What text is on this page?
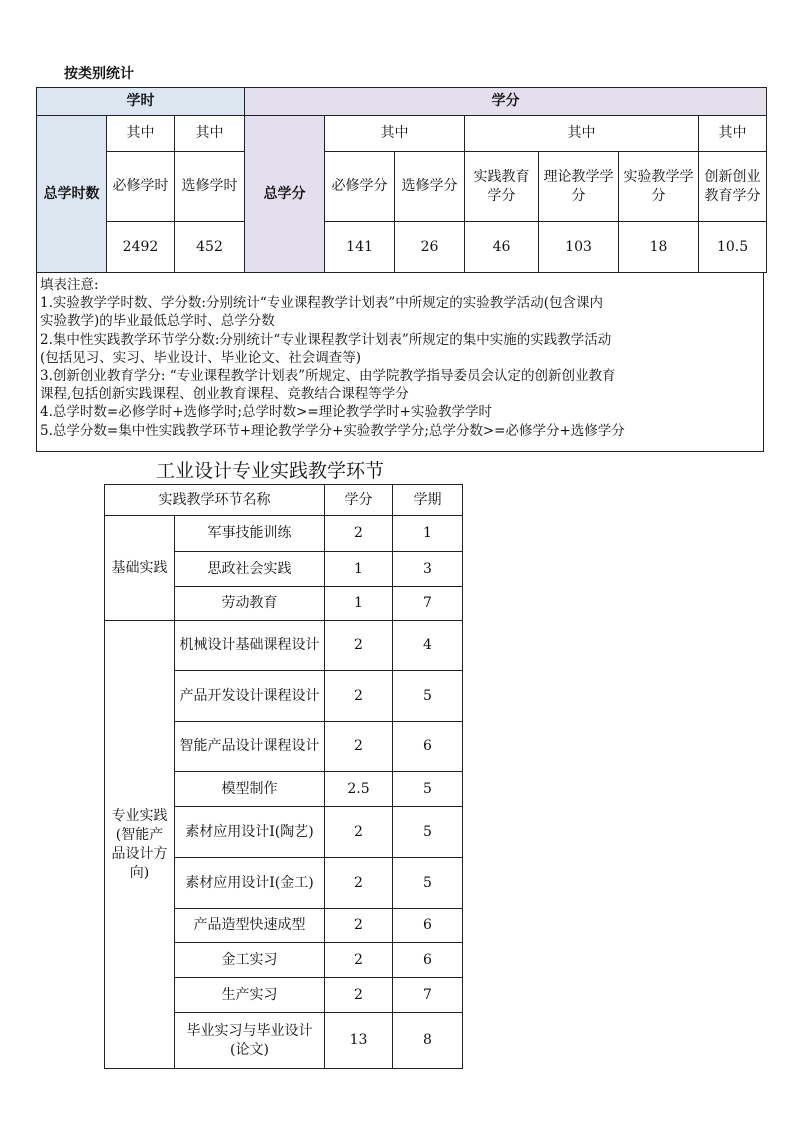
按类别统计
学时			学分						
总学时数	其中	其中	总学分	其中		其中			其中
	必修学时	选修学时		必修学分	选修学分	实践教育学分	理论教学学分	实验教学学分	创新创业教育学分
	2492	452		141	26	46	103	18	10.5
填表注意:
1.实验教学学时数、学分数:分别统计“专业课程教学计划表”中所规定的实验教学活动(包含课内
实验教学)的毕业最低总学时、总学分数
2.集中性实践教学环节学分数:分别统计“专业课程教学计划表”所规定的集中实施的实践教学活动
(包括见习、实习、毕业设计、毕业论文、社会调查等)
3.创新创业教育学分: “专业课程教学计划表”所规定、由学院教学指导委员会认定的创新创业教育
课程,包括创新实践课程、创业教育课程、竞教结合课程等学分
4.总学时数=必修学时+选修学时;总学时数>=理论教学学时+实验教学学时
5.总学分数=集中性实践教学环节+理论教学学分+实验教学学分;总学分数>=必修学分+选修学分
工业设计专业实践教学环节
实践教学环节名称		学分	学期
基础实践	军事技能训练	2	1
	思政社会实践	1	3
	劳动教育	1	7
专业实践(智能产品设计方向)	机械设计基础课程设计	2	4
	产品开发设计课程设计	2	5
	智能产品设计课程设计	2	6
	模型制作	2.5	5
	素材应用设计I(陶艺)	2	5
	素材应用设计I(金工)	2	5
	产品造型快速成型	2	6
	金工实习	2	6
	生产实习	2	7
	毕业实习与毕业设计(论文)	13	8
